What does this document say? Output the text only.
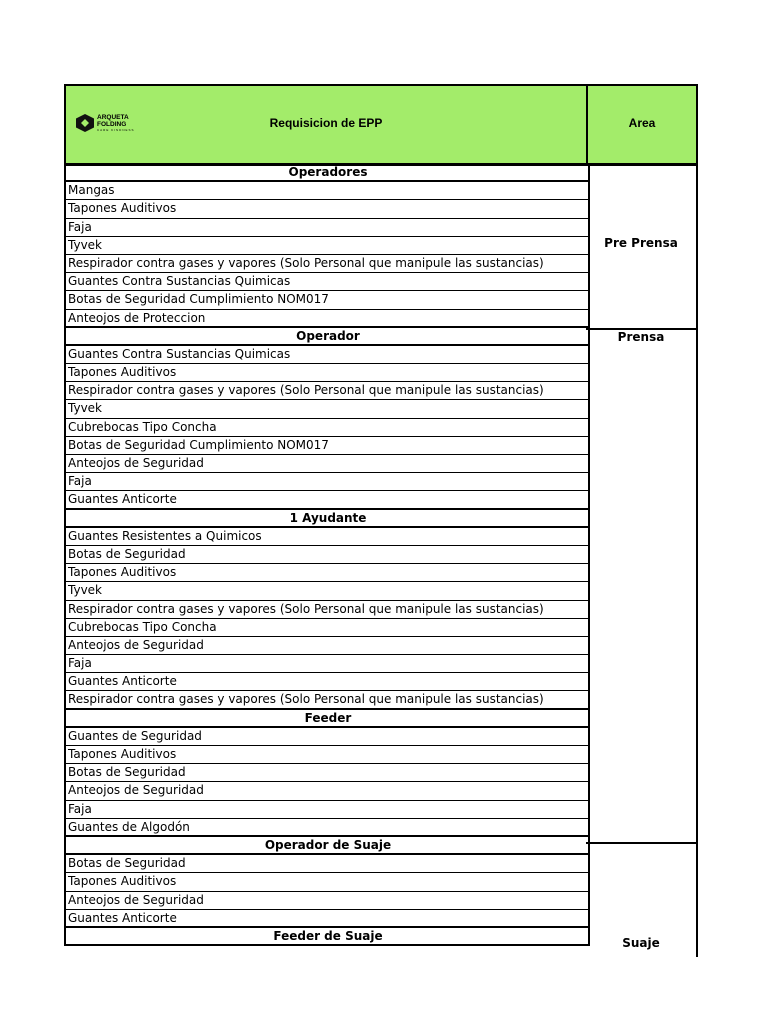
ARQUETA
FOLDING
CARE KINDNESS	Requisicion de EPP	Area
Operadores
Mangas
Tapones Auditivos
Faja
Tyvek
Respirador contra gases y vapores (Solo Personal que manipule las sustancias)
Guantes Contra Sustancias Quimicas
Botas de Seguridad Cumplimiento NOM017
Anteojos de Proteccion
Operador
Guantes Contra Sustancias Quimicas
Tapones Auditivos
Respirador contra gases y vapores (Solo Personal que manipule las sustancias)
Tyvek
Cubrebocas Tipo Concha
Botas de Seguridad Cumplimiento NOM017
Anteojos de Seguridad
Faja
Guantes Anticorte
1 Ayudante
Guantes Resistentes a Quimicos
Botas de Seguridad
Tapones Auditivos
Tyvek
Respirador contra gases y vapores (Solo Personal que manipule las sustancias)
Cubrebocas Tipo Concha
Anteojos de Seguridad
Faja
Guantes Anticorte
Respirador contra gases y vapores (Solo Personal que manipule las sustancias)
Feeder
Guantes de Seguridad
Tapones Auditivos
Botas de Seguridad
Anteojos de Seguridad
Faja
Guantes de Algodón
Operador de Suaje
Botas de Seguridad
Tapones Auditivos
Anteojos de Seguridad
Guantes Anticorte
Feeder de Suaje
Pre Prensa
Prensa
Suaje
